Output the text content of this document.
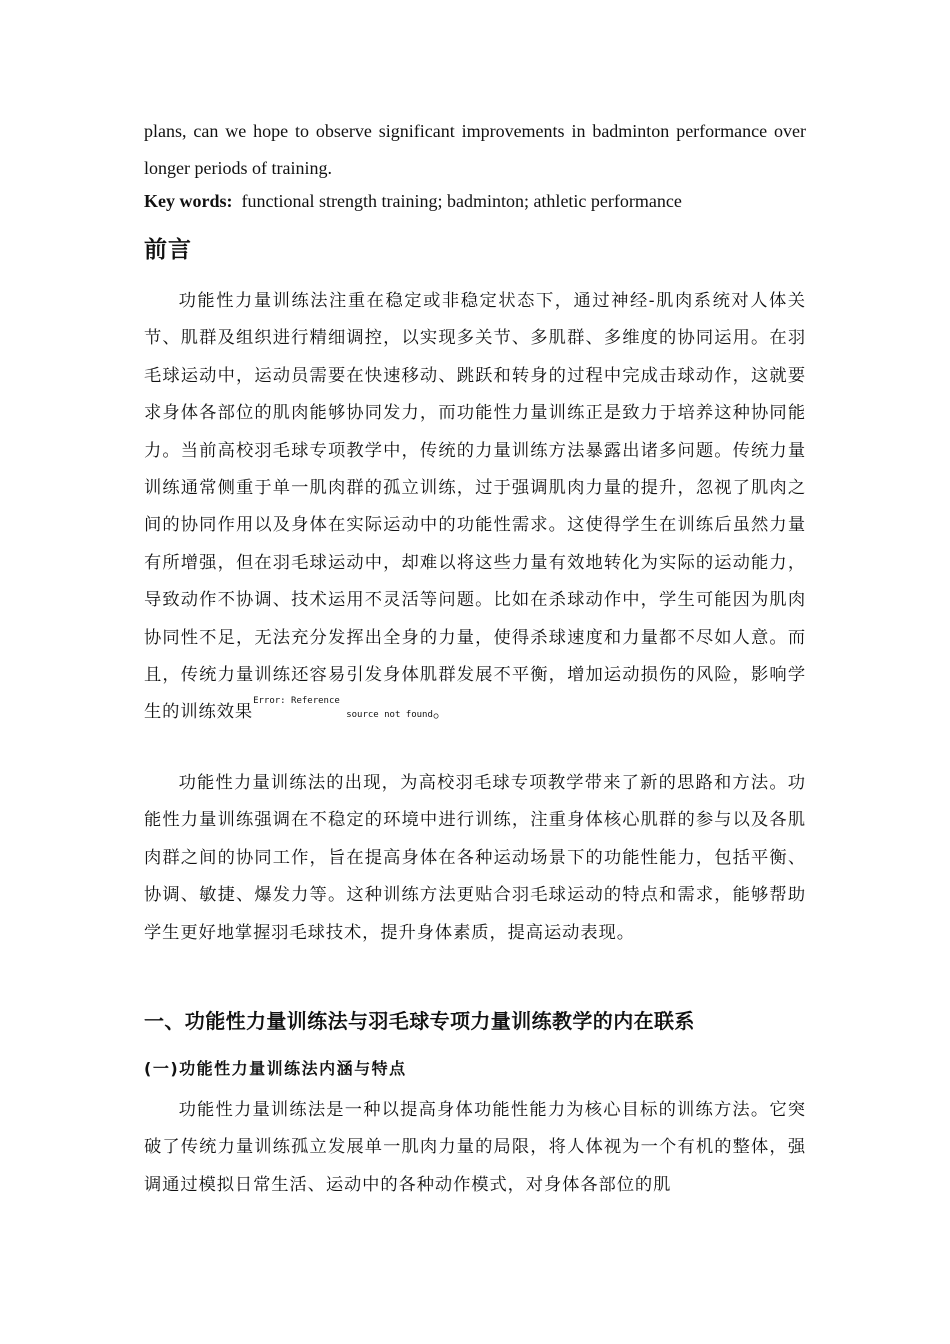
plans, can we hope to observe significant improvements in badminton performance over longer periods of training.

Key words: functional strength training; badminton; athletic performance

前言

功能性力量训练法注重在稳定或非稳定状态下，通过神经-肌肉系统对人体关节、肌群及组织进行精细调控，以实现多关节、多肌群、多维度的协同运用。在羽毛球运动中，运动员需要在快速移动、跳跃和转身的过程中完成击球动作，这就要求身体各部位的肌肉能够协同发力，而功能性力量训练正是致力于培养这种协同能力。当前高校羽毛球专项教学中，传统的力量训练方法暴露出诸多问题。传统力量训练通常侧重于单一肌肉群的孤立训练，过于强调肌肉力量的提升，忽视了肌肉之间的协同作用以及身体在实际运动中的功能性需求。这使得学生在训练后虽然力量有所增强，但在羽毛球运动中，却难以将这些力量有效地转化为实际的运动能力，导致动作不协调、技术运用不灵活等问题。比如在杀球动作中，学生可能因为肌肉协同性不足，无法充分发挥出全身的力量，使得杀球速度和力量都不尽如人意。而且，传统力量训练还容易引发身体肌群发展不平衡，增加运动损伤的风险，影响学生的训练效果$^{Error: Reference}$ source not found。

功能性力量训练法的出现，为高校羽毛球专项教学带来了新的思路和方法。功能性力量训练强调在不稳定的环境中进行训练，注重身体核心肌群的参与以及各肌肉群之间的协同工作，旨在提高身体在各种运动场景下的功能性能力，包括平衡、协调、敏捷、爆发力等。这种训练方法更贴合羽毛球运动的特点和需求，能够帮助学生更好地掌握羽毛球技术，提升身体素质，提高运动表现。

一、功能性力量训练法与羽毛球专项力量训练教学的内在联系
(一)功能性力量训练法内涵与特点

功能性力量训练法是一种以提高身体功能性能力为核心目标的训练方法。它突破了传统力量训练孤立发展单一肌肉力量的局限，将人体视为一个有机的整体，强调通过模拟日常生活、运动中的各种动作模式，对身体各部位的肌
